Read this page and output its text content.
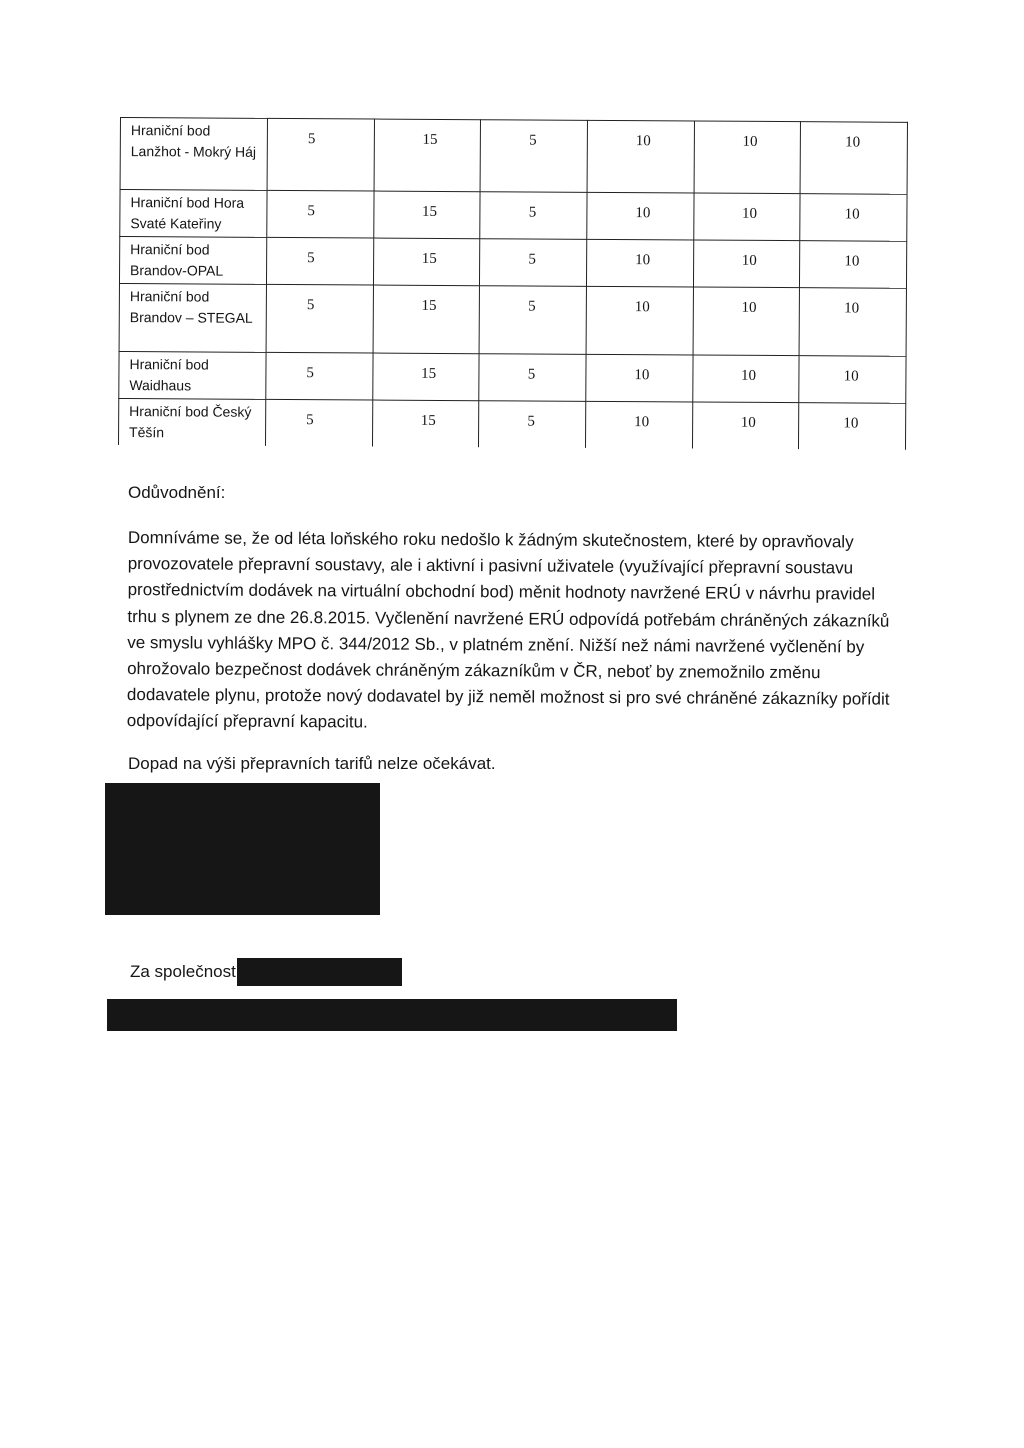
Hraniční bod Lanžhot - Mokrý Háj	5	15	5	10	10	10
Hraniční bod Hora Svaté Kateřiny	5	15	5	10	10	10
Hraniční bod Brandov-OPAL	5	15	5	10	10	10
Hraniční bod Brandov – STEGAL	5	15	5	10	10	10
Hraniční bod Waidhaus	5	15	5	10	10	10
Hraniční bod Český Těšín	5	15	5	10	10	10
Odůvodnění:
Domníváme se, že od léta loňského roku nedošlo k žádným skutečnostem, které by opravňovaly
provozovatele přepravní soustavy, ale i aktivní i pasivní uživatele (využívající přepravní soustavu
prostřednictvím dodávek na virtuální obchodní bod) měnit hodnoty navržené ERÚ v návrhu pravidel
trhu s plynem ze dne 26.8.2015. Vyčlenění navržené ERÚ odpovídá potřebám chráněných zákazníků
ve smyslu vyhlášky MPO č. 344/2012 Sb., v platném znění. Nižší než námi navržené vyčlenění by
ohrožovalo bezpečnost dodávek chráněným zákazníkům v ČR, neboť by znemožnilo změnu
dodavatele plynu, protože nový dodavatel by již neměl možnost si pro své chráněné zákazníky pořídit
odpovídající přepravní kapacitu.
Dopad na výši přepravních tarifů nelze očekávat.
Za společnost
